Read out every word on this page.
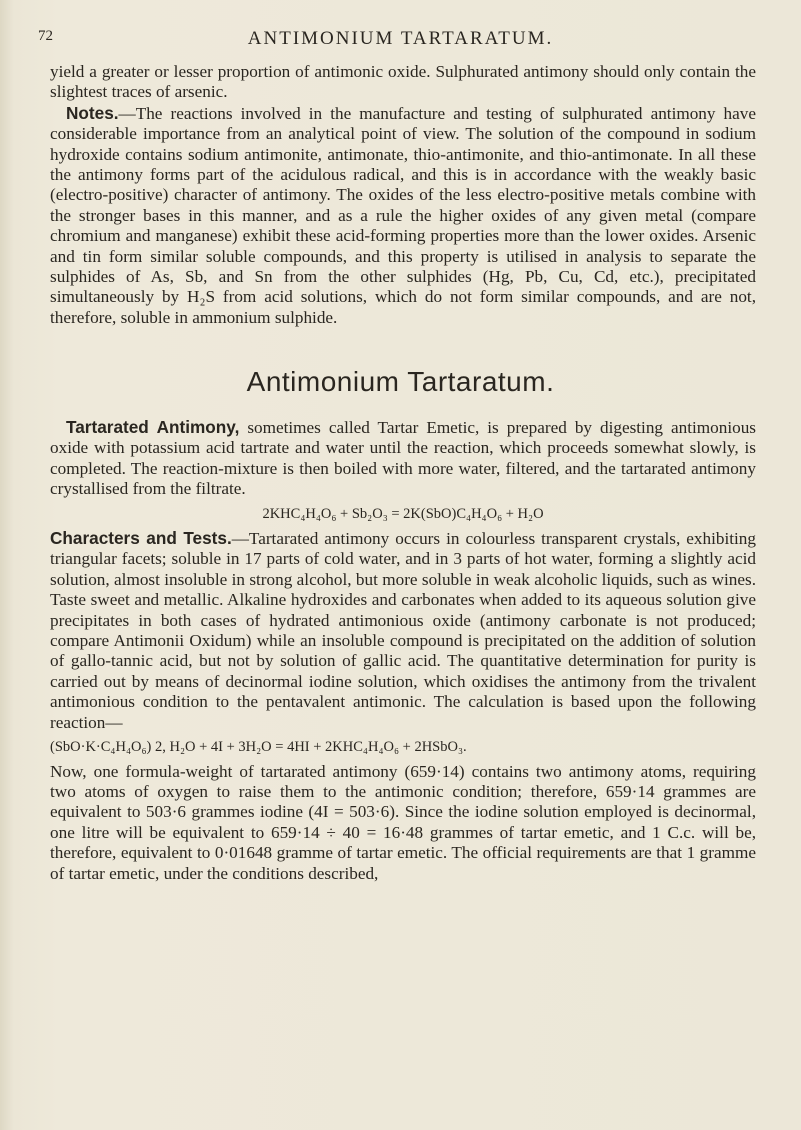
72	ANTIMONIUM TARTARATUM.

yield a greater or lesser proportion of antimonic oxide. Sulphurated antimony should only contain the slightest traces of arsenic.

Notes.—The reactions involved in the manufacture and testing of sulphurated antimony have considerable importance from an analytical point of view. The solution of the compound in sodium hydroxide contains sodium antimonite, antimonate, thio-antimonite, and thio-antimonate. In all these the antimony forms part of the acidulous radical, and this is in accordance with the weakly basic (electro-positive) character of antimony. The oxides of the less electro-positive metals combine with the stronger bases in this manner, and as a rule the higher oxides of any given metal (compare chromium and manganese) exhibit these acid-forming properties more than the lower oxides. Arsenic and tin form similar soluble compounds, and this property is utilised in analysis to separate the sulphides of As, Sb, and Sn from the other sulphides (Hg, Pb, Cu, Cd, etc.), precipitated simultaneously by H₂S from acid solutions, which do not form similar compounds, and are not, therefore, soluble in ammonium sulphide.

Antimonium Tartaratum.

Tartarated Antimony, sometimes called Tartar Emetic, is prepared by digesting antimonious oxide with potassium acid tartrate and water until the reaction, which proceeds somewhat slowly, is completed. The reaction-mixture is then boiled with more water, filtered, and the tartarated antimony crystallised from the filtrate.

2KHC₄H₄O₆ + Sb₂O₃ = 2K(SbO)C₄H₄O₆ + H₂O

Characters and Tests.—Tartarated antimony occurs in colourless transparent crystals, exhibiting triangular facets; soluble in 17 parts of cold water, and in 3 parts of hot water, forming a slightly acid solution, almost insoluble in strong alcohol, but more soluble in weak alcoholic liquids, such as wines. Taste sweet and metallic. Alkaline hydroxides and carbonates when added to its aqueous solution give precipitates in both cases of hydrated antimonious oxide (antimony carbonate is not produced; compare Antimonii Oxidum) while an insoluble compound is precipitated on the addition of solution of gallo-tannic acid, but not by solution of gallic acid. The quantitative determination for purity is carried out by means of decinormal iodine solution, which oxidises the antimony from the trivalent antimonious condition to the pentavalent antimonic. The calculation is based upon the following reaction—

(SbO·K·C₄H₄O₆) 2, H₂O + 4I + 3H₂O = 4HI + 2KHC₄H₄O₆ + 2HSbO₃.

Now, one formula-weight of tartarated antimony (659·14) contains two antimony atoms, requiring two atoms of oxygen to raise them to the antimonic condition; therefore, 659·14 grammes are equivalent to 503·6 grammes iodine (4I = 503·6). Since the iodine solution employed is decinormal, one litre will be equivalent to 659·14 ÷ 40 = 16·48 grammes of tartar emetic, and 1 C.c. will be, therefore, equivalent to 0·01648 gramme of tartar emetic. The official requirements are that 1 gramme of tartar emetic, under the conditions described,
